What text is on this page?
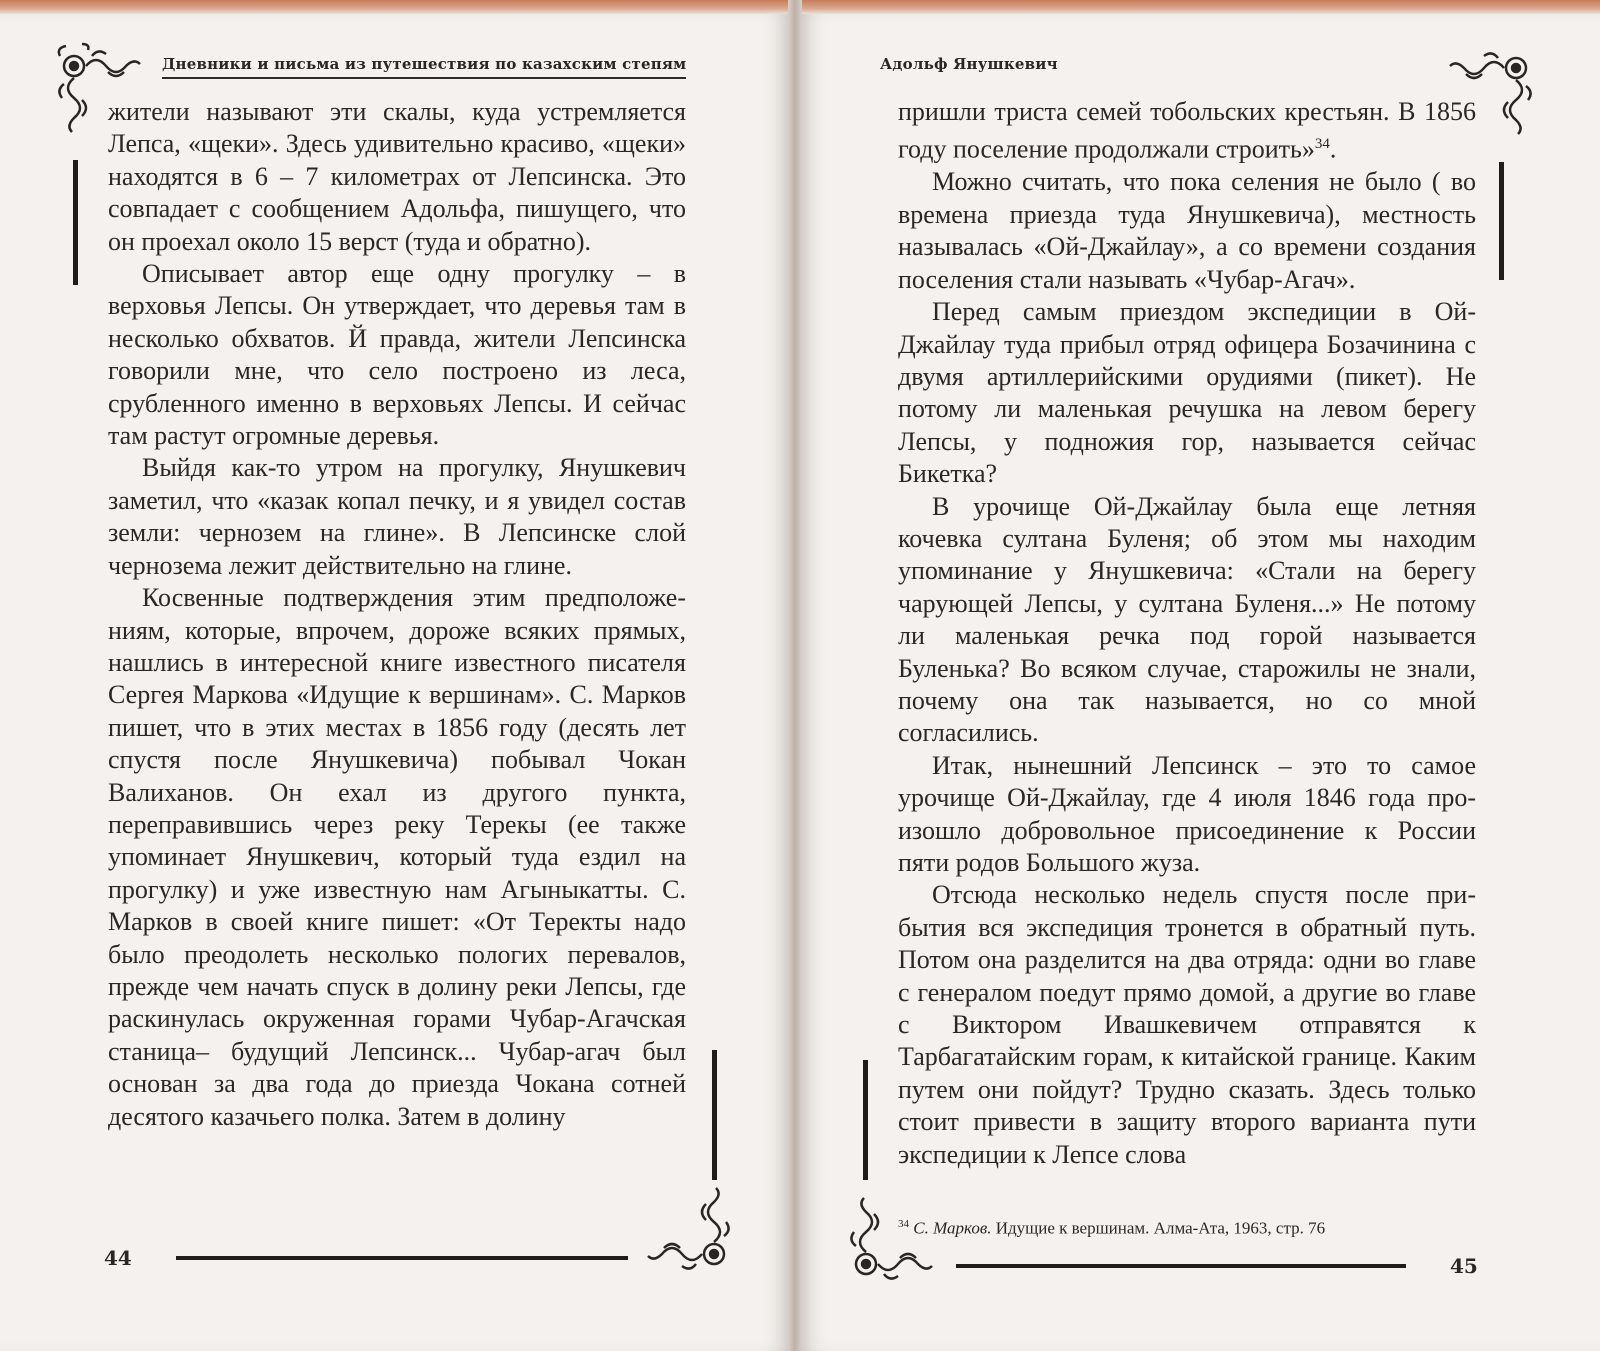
Дневники и письма из путешествия по казахским степям

жители называют эти скалы, куда устремляется Лепса, «щеки». Здесь удивительно красиво, «щеки» находятся в 6 – 7 километрах от Лепсинска. Это совпадает с сообщением Адольфа, пишущего, что он проехал около 15 верст (туда и обратно).

Описывает автор еще одну прогулку – в верховья Лепсы. Он утверждает, что деревья там в несколько обхватов. Й правда, жители Лепсинска говорили мне, что село построено из леса, срубленного именно в верховьях Лепсы. И сейчас там растут огромные деревья.

Выйдя как-то утром на прогулку, Янушкевич заметил, что «казак копал печку, и я увидел состав земли: чернозем на глине». В Лепсинске слой чернозема лежит действительно на глине.

Косвенные подтверждения этим предположениям, которые, впрочем, дороже всяких прямых, нашлись в интересной книге известного писателя Сергея Маркова «Идущие к вершинам». С. Марков пишет, что в этих местах в 1856 году (десять лет спустя после Янушкевича) побывал Чокан Валиханов. Он ехал из другого пункта, переправившись через реку Терекы (ее также упоминает Янушкевич, который туда ездил на прогулку) и уже известную нам Агыныкатты. С. Марков в своей книге пишет: «От Теректы надо было преодолеть несколько пологих перевалов, прежде чем начать спуск в долину реки Лепсы, где раскинулась окруженная горами Чубар-Агачская станица– будущий Лепсинск... Чубар-агач был основан за два года до приезда Чокана сотней десятого казачьего полка. Затем в долину

44
Адольф Янушкевич

пришли триста семей тобольских крестьян. В 1856 году поселение продолжали строить»$^{34}$.

Можно считать, что пока селения не было ( во времена приезда туда Янушкевича), местность называлась «Ой-Джайлау», а со времени создания поселения стали называть «Чубар-Агач».

Перед самым приездом экспедиции в Ой-Джайлау туда прибыл отряд офицера Бозачинина с двумя артиллерийскими орудиями (пикет). Не потому ли маленькая речушка на левом берегу Лепсы, у подножия гор, называется сейчас Бикетка?

В урочище Ой-Джайлау была еще летняя кочевка султана Буленя; об этом мы находим упоминание у Янушкевича: «Стали на берегу чарующей Лепсы, у султана Буленя...» Не потому ли маленькая речка под горой называется Буленька? Во всяком случае, старожилы не знали, почему она так называется, но со мной согласились.

Итак, нынешний Лепсинск – это то самое урочище Ой-Джайлау, где 4 июля 1846 года произошло добровольное присоединение к России пяти родов Большого жуза.

Отсюда несколько недель спустя после прибытия вся экспедиция тронется в обратный путь. Потом она разделится на два отряда: одни во главе с генералом поедут прямо домой, а другие во главе с Виктором Ивашкевичем отправятся к Тарбагатайским горам, к китайской границе. Каким путем они пойдут? Трудно сказать. Здесь только стоит привести в защиту второго варианта пути экспедиции к Лепсе слова

$^{34}$ С. Марков. Идущие к вершинам. Алма-Ата, 1963, стр. 76
45
